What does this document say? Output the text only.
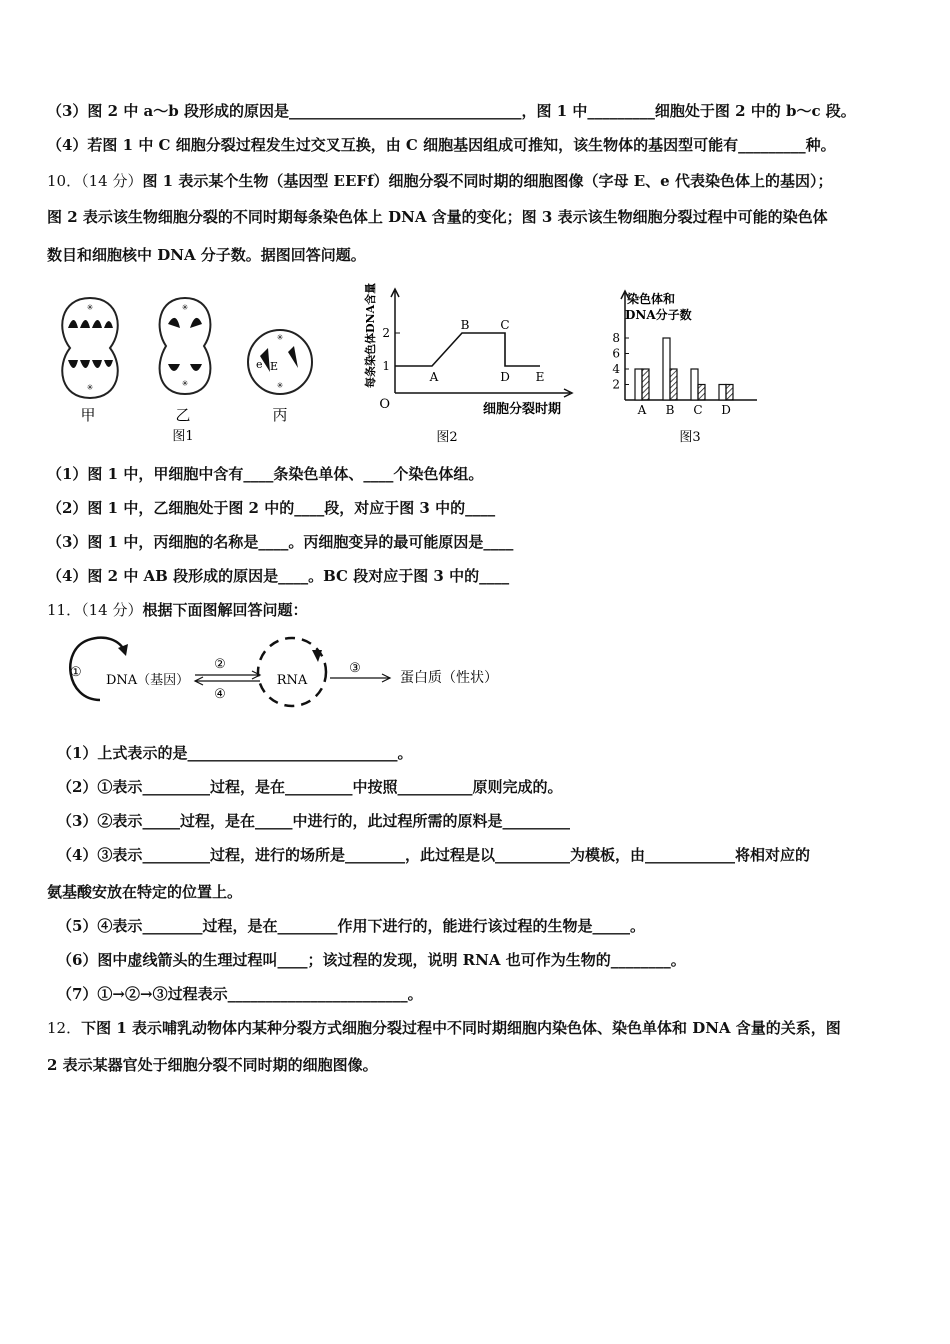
（3）图 2 中 a～b 段形成的原因是_______________________________，图 1 中_________细胞处于图 2 中的 b～c 段。
（4）若图 1 中 C 细胞分裂过程发生过交叉互换，由 C 细胞基因组成可推知，该生物体的基因型可能有_________种。
10．（14 分）图 1 表示某个生物（基因型 EEFf）细胞分裂不同时期的细胞图像（字母 E、e 代表染色体上的基因）；
图 2 表示该生物细胞分裂的不同时期每条染色体上 DNA 含量的变化；图 3 表示该生物细胞分裂过程中可能的染色体
数目和细胞核中 DNA 分子数。据图回答问题。
✳
✳
甲
✳
✳
乙
✳
e E
✳
丙
图1
每条染色体DNA含量
O
1
2
A
B	C
D E
细胞分裂时期
图2
染色体和
DNA分子数
2
4
6
8
A B C D
图3
（1）图 1 中，甲细胞中含有____条染色单体、____个染色体组。
（2）图 1 中，乙细胞处于图 2 中的____段，对应于图 3 中的____
（3）图 1 中，丙细胞的名称是____。丙细胞变异的最可能原因是____
（4）图 2 中 AB 段形成的原因是____。BC 段对应于图 3 中的____
11．（14 分）根据下面图解回答问题：
①
DNA（基因）
②
④
RNA
③
蛋白质（性状）
（1）上式表示的是____________________________。
（2）①表示_________过程，是在_________中按照__________原则完成的。
（3）②表示_____过程，是在_____中进行的，此过程所需的原料是_________
（4）③表示_________过程，进行的场所是________，此过程是以__________为模板，由____________将相对应的
氨基酸安放在特定的位置上。
（5）④表示________过程，是在________作用下进行的，能进行该过程的生物是_____。
（6）图中虚线箭头的生理过程叫____；该过程的发现，说明 RNA 也可作为生物的________。
（7）①→②→③过程表示________________________。
12．下图 1 表示哺乳动物体内某种分裂方式细胞分裂过程中不同时期细胞内染色体、染色单体和 DNA 含量的关系，图
2 表示某器官处于细胞分裂不同时期的细胞图像。
